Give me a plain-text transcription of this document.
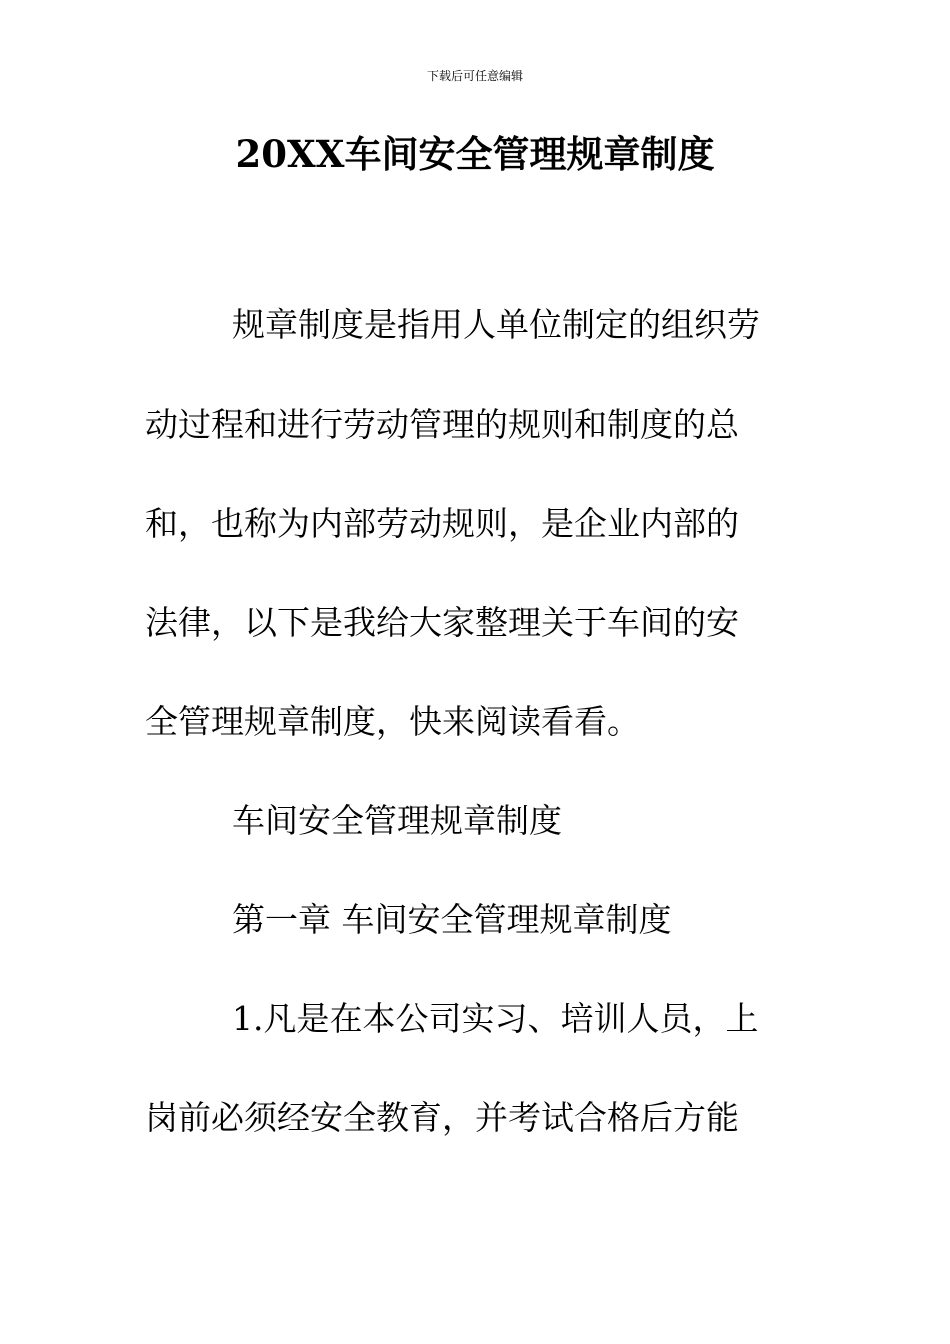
下载后可任意编辑
20XX车间安全管理规章制度
规章制度是指用人单位制定的组织劳
动过程和进行劳动管理的规则和制度的总
和，也称为内部劳动规则，是企业内部的
法律，以下是我给大家整理关于车间的安
全管理规章制度，快来阅读看看。
车间安全管理规章制度
第一章 车间安全管理规章制度
1.凡是在本公司实习、培训人员，上
岗前必须经安全教育，并考试合格后方能
